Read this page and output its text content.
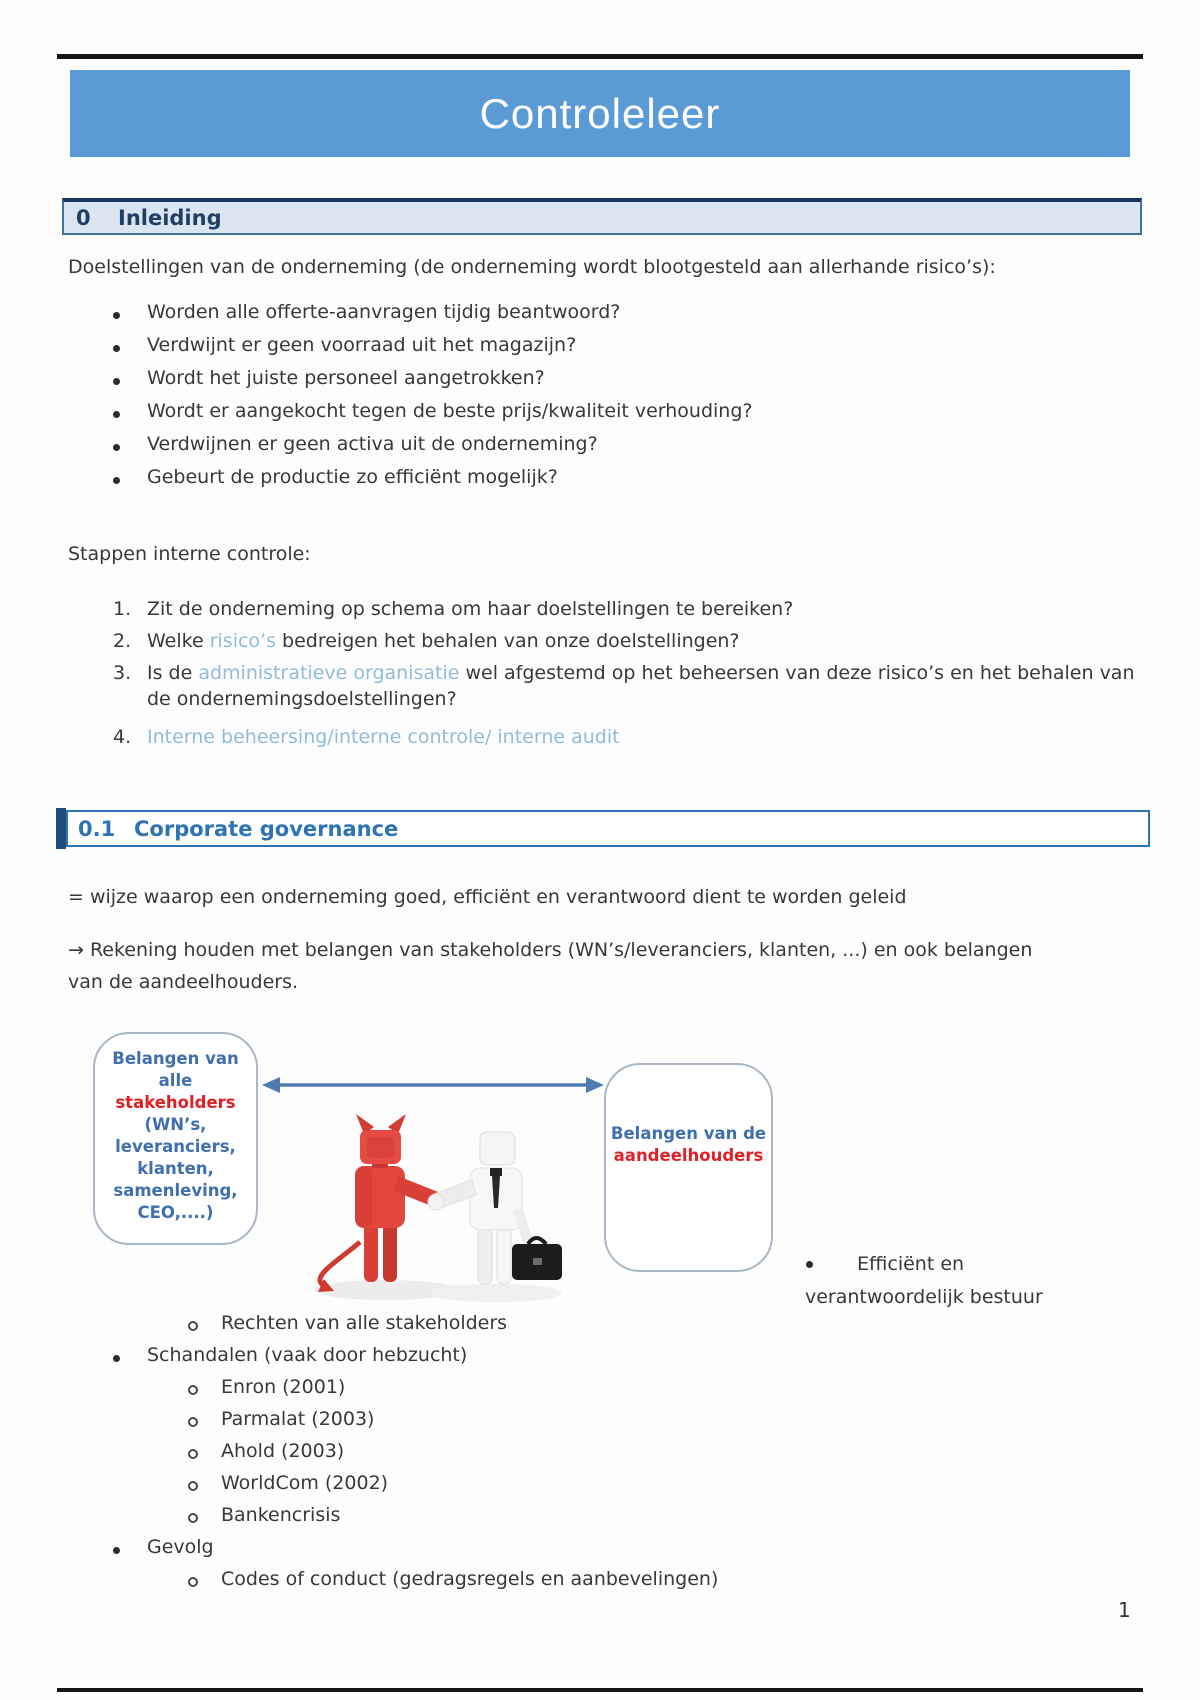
Controleleer
0	Inleiding
Doelstellingen van de onderneming (de onderneming wordt blootgesteld aan allerhande risico’s):
Worden alle offerte-aanvragen tijdig beantwoord?
Verdwijnt er geen voorraad uit het magazijn?
Wordt het juiste personeel aangetrokken?
Wordt er aangekocht tegen de beste prijs/kwaliteit verhouding?
Verdwijnen er geen activa uit de onderneming?
Gebeurt de productie zo efficiënt mogelijk?
Stappen interne controle:
1. Zit de onderneming op schema om haar doelstellingen te bereiken?
2. Welke risico’s bedreigen het behalen van onze doelstellingen?
3. Is de administratieve organisatie wel afgestemd op het beheersen van deze risico’s en het behalen van de ondernemingsdoelstellingen?
4. Interne beheersing/interne controle/ interne audit
0.1 Corporate governance
= wijze waarop een onderneming goed, efficiënt en verantwoord dient te worden geleid
→ Rekening houden met belangen van stakeholders (WN’s/leveranciers, klanten, ...) en ook belangen van de aandeelhouders.
Belangen van
alle
stakeholders
(WN’s,
leveranciers,
klanten,
samenleving,
CEO,....)
Belangen van de
aandeelhouders
Efficiënt en verantwoordelijk bestuur
Rechten van alle stakeholders
Schandalen (vaak door hebzucht)
Enron (2001)
Parmalat (2003)
Ahold (2003)
WorldCom (2002)
Bankencrisis
Gevolg
Codes of conduct (gedragsregels en aanbevelingen)
1
